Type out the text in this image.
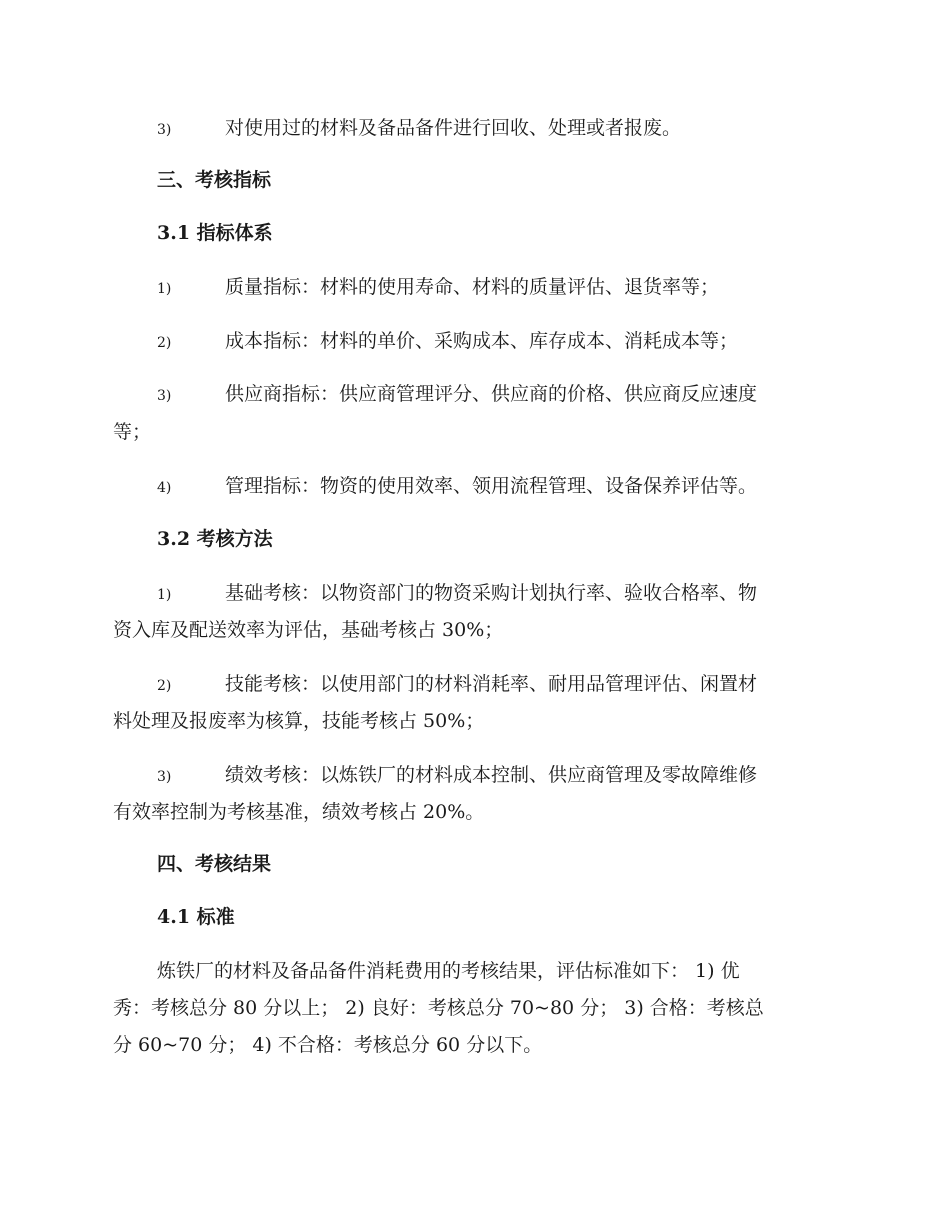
3)	对使用过的材料及备品备件进行回收、处理或者报废。
三、考核指标
3.1 指标体系
1)	质量指标：材料的使用寿命、材料的质量评估、退货率等；
2)	成本指标：材料的单价、采购成本、库存成本、消耗成本等；
3)	供应商指标：供应商管理评分、供应商的价格、供应商反应速度
等；
4)	管理指标：物资的使用效率、领用流程管理、设备保养评估等。
3.2 考核方法
1)	基础考核：以物资部门的物资采购计划执行率、验收合格率、物
资入库及配送效率为评估，基础考核占 30%；
2)	技能考核：以使用部门的材料消耗率、耐用品管理评估、闲置材
料处理及报废率为核算，技能考核占 50%；
3)	绩效考核：以炼铁厂的材料成本控制、供应商管理及零故障维修
有效率控制为考核基准，绩效考核占 20%。
四、考核结果
4.1 标准
炼铁厂的材料及备品备件消耗费用的考核结果，评估标准如下： 1) 优
秀：考核总分 80 分以上； 2) 良好：考核总分 70~80 分； 3) 合格：考核总
分 60~70 分； 4) 不合格：考核总分 60 分以下。
